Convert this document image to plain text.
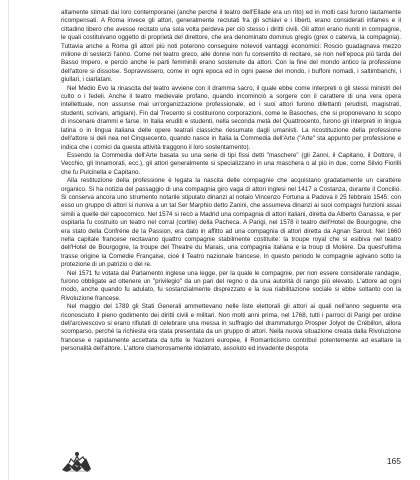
altamente stimati dai loro contemporanei (anche perché il teatro dell'Ellade era un rito) ed in molti casi furono lautamente ricompensati. A Roma invece gli attori, generalmente reclutati fra gli schiavi e i liberti, erano considerati infames e il cittadino libero che avesse recitato una sola volta perdeva per ciò stesso i diritti civili. Gli attori erano riuniti in compagnie, le quali costituivano oggetto di proprietà del direttore, che era denominato dominus gregis (grex o caterva, la compagnia). Tuttavia anche a Roma gli attori più noti poterono conseguire notevoli vantaggi economici: Roscio guadagnava mezzo milione di sesterzi l'anno. Come nel teatro greco, alle donne non fu consentito di recitare, se non nell'epoca più tarda del Basso Impero, e perciò anche le parti femminili erano sostenute da attori. Con la fine del mondo antico la professione dell'attore si dissolse. Sopravvissero, come in ogni epoca ed in ogni paese del mondo, i buffoni nomadi, i saltimbanchi, i giullari, i ciarlatani.

Nel Medio Evo la rinascita del teatro avviene con il dramma sacro, il quale ebbe come interpreti o gli stessi ministri del culto o i fedeli. Anche il teatro medievale profano, quando incominciò a sorgere con il carattere di una vera opera intellettuale, non assunse mai un'organizzazione professionale, ed i suoi attori furono dilettanti (erudisti, magistrati, studenti, scrivani, artigiani). Fin dal Trecento si costituirono corporazioni, come le Basoches, che si proponevano lo scopo di inscenare drammi e farse. In Italia eruditi e studenti, nella seconda metà del Quattrocento, furono gli interpreti in lingua latina o in lingua italiana delle opere teatrali classiche riesumate dagli umanisti. La ricostituzione della professione dell'attore si deli nea nel Cinquecento, quando nasce in Italia la Commedia dell'Arte ("Arte" sta appunto per professione e indica che i comici da questa attività traggono il loro sostentamento).

Essendo la Commedia dell'Arte basata su una serie di tipi fissi detti "maschere" (gli Zanni, il Capitano, il Dottore, il Vecchio, gli Innamorati, ecc.), gli attori generalmente si specializzano in una maschera o al più in due, come Silvio Fiorilli che fu Pulcinella e Capitano.

Alla restituzione della professione è legata la nascita delle compagnie che acquistano gradatamente un carattere organico. Si ha notizia del passaggio di una compagnia giro vaga di attori inglesi nel 1417 a Costanza, durante il Concilio. Si conserva ancora uno strumento notarile stipulato dinanzi al notaio Vincenzo Fortuna a Padova il 25 febbraio 1545: con esso un gruppo di attori si riuniva a un tal Ser Marphio detto Zanini, che assumeva dinanzi ai suoi compagni funzioni assai simili a quelle del capocomico. Nel 1574 si recò a Madrid una compagnia di attori italiani, diretta da Alberto Ganassa, e per ospitarla fu costruito un teatro nel corral (cortile) della Pacheca. A Parigi, nel 1578 il teatro dell'Hotel de Bourgogne, che era stato della Confrérie de la Passion, era dato in affitto ad una compagnia di attori diretta da Agnan Sarout. Nel 1660 nella capitale francese recitavano quattro compagnie stabilmente costituite: la troupe royal che si esibiva nel teatro dell'Hotel de Bourgogne, la troupe del Theatre du Marais, una compagnia italiana e la troup di Molière. Da quest'ultima trasse origine la Comédie Française, cioè il Teatro nazionale francese. In questo periodo le compagnie agivano sotto la protezione di un patrizio o del re.

Nel 1571 fu votata dal Parlamento inglese una legge, per la quale le compagnie, per non essere considerate randagie, furono obbligate ad ottenere un "privilegio" da un pari del regno o da una autorità di rango più elevato. L'attore ad ogni modo, anche quando fu adulato, fu sostanzialmente disprezzato e la sua riabilitazione sociale si ebbe soltanto con la Rivoluzione francese.

Nel maggio del 1789 gli Stati Generali ammettevano nelle liste elettorali gli attori ai quali nell'anno seguente era riconosciuto il pieno godimento dei diritti civili e militari. Non molti anni prima, nel 1768, tutti i parroci di Parigi per ordine dell'arcivescovo si erano rifiutati di celebrare una messa in suffragio del drammaturgo Prosper Jolyot de Crébillon, allora scomparso, perché la richiesta era stata presentata da un gruppo di attori. Nella nuova situazione creata dalla Rivoluzione francese e rapidamente accettata da tutte le Nazioni europee, il Romanticismo contribuì potentemente ad esaltare la personalità dell'attore. L'attore clamorosamente idolatrato, assoluto ed invadente despota

165
